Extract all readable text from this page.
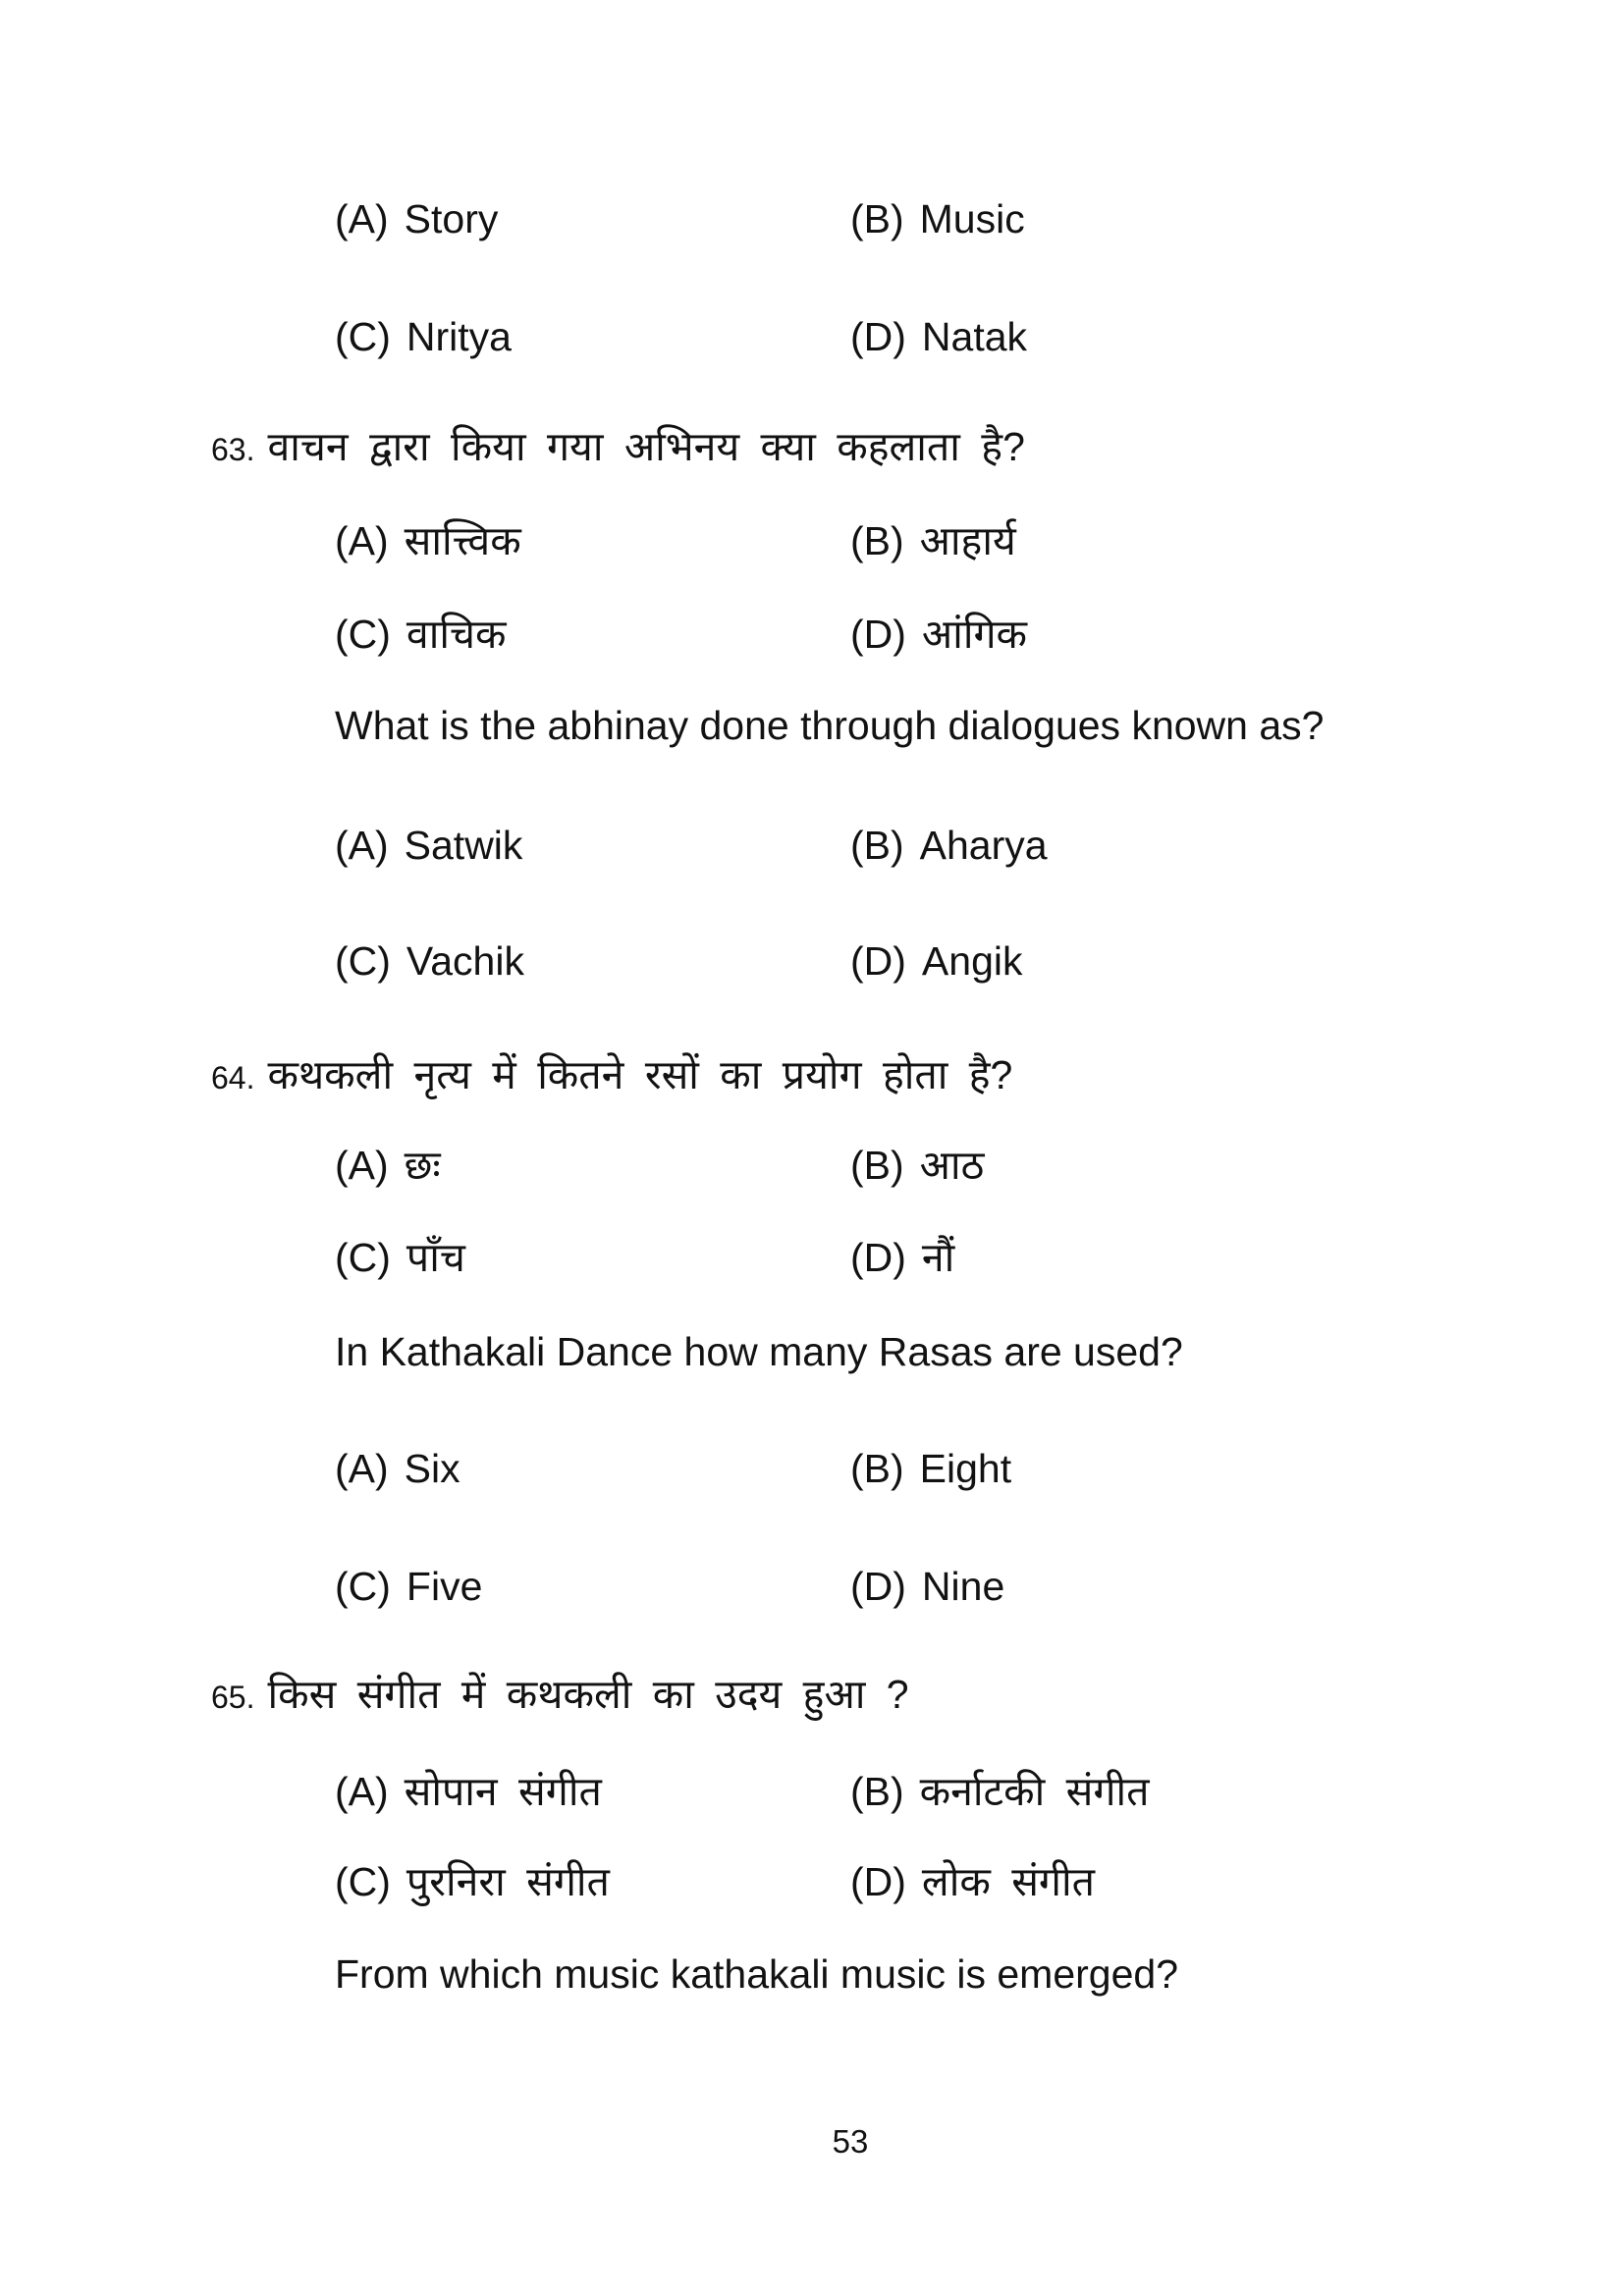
(A) Story	(B) Music
(C) Nritya	(D) Natak
63. वाचन द्वारा किया गया अभिनय क्या कहलाता है?
(A) सात्त्विक	(B) आहार्य
(C) वाचिक	(D) आंगिक
What is the abhinay done through dialogues known as?
(A) Satwik	(B) Aharya
(C) Vachik	(D) Angik
64. कथकली नृत्य में कितने रसों का प्रयोग होता है?
(A) छः	(B) आठ
(C) पाँच	(D) नौं
In Kathakali Dance how many Rasas are used?
(A) Six	(B) Eight
(C) Five	(D) Nine
65. किस संगीत में कथकली का उदय हुआ ?
(A) सोपान संगीत	(B) कर्नाटकी संगीत
(C) पुरनिरा संगीत	(D) लोक संगीत
From which music kathakali music is emerged?
53
